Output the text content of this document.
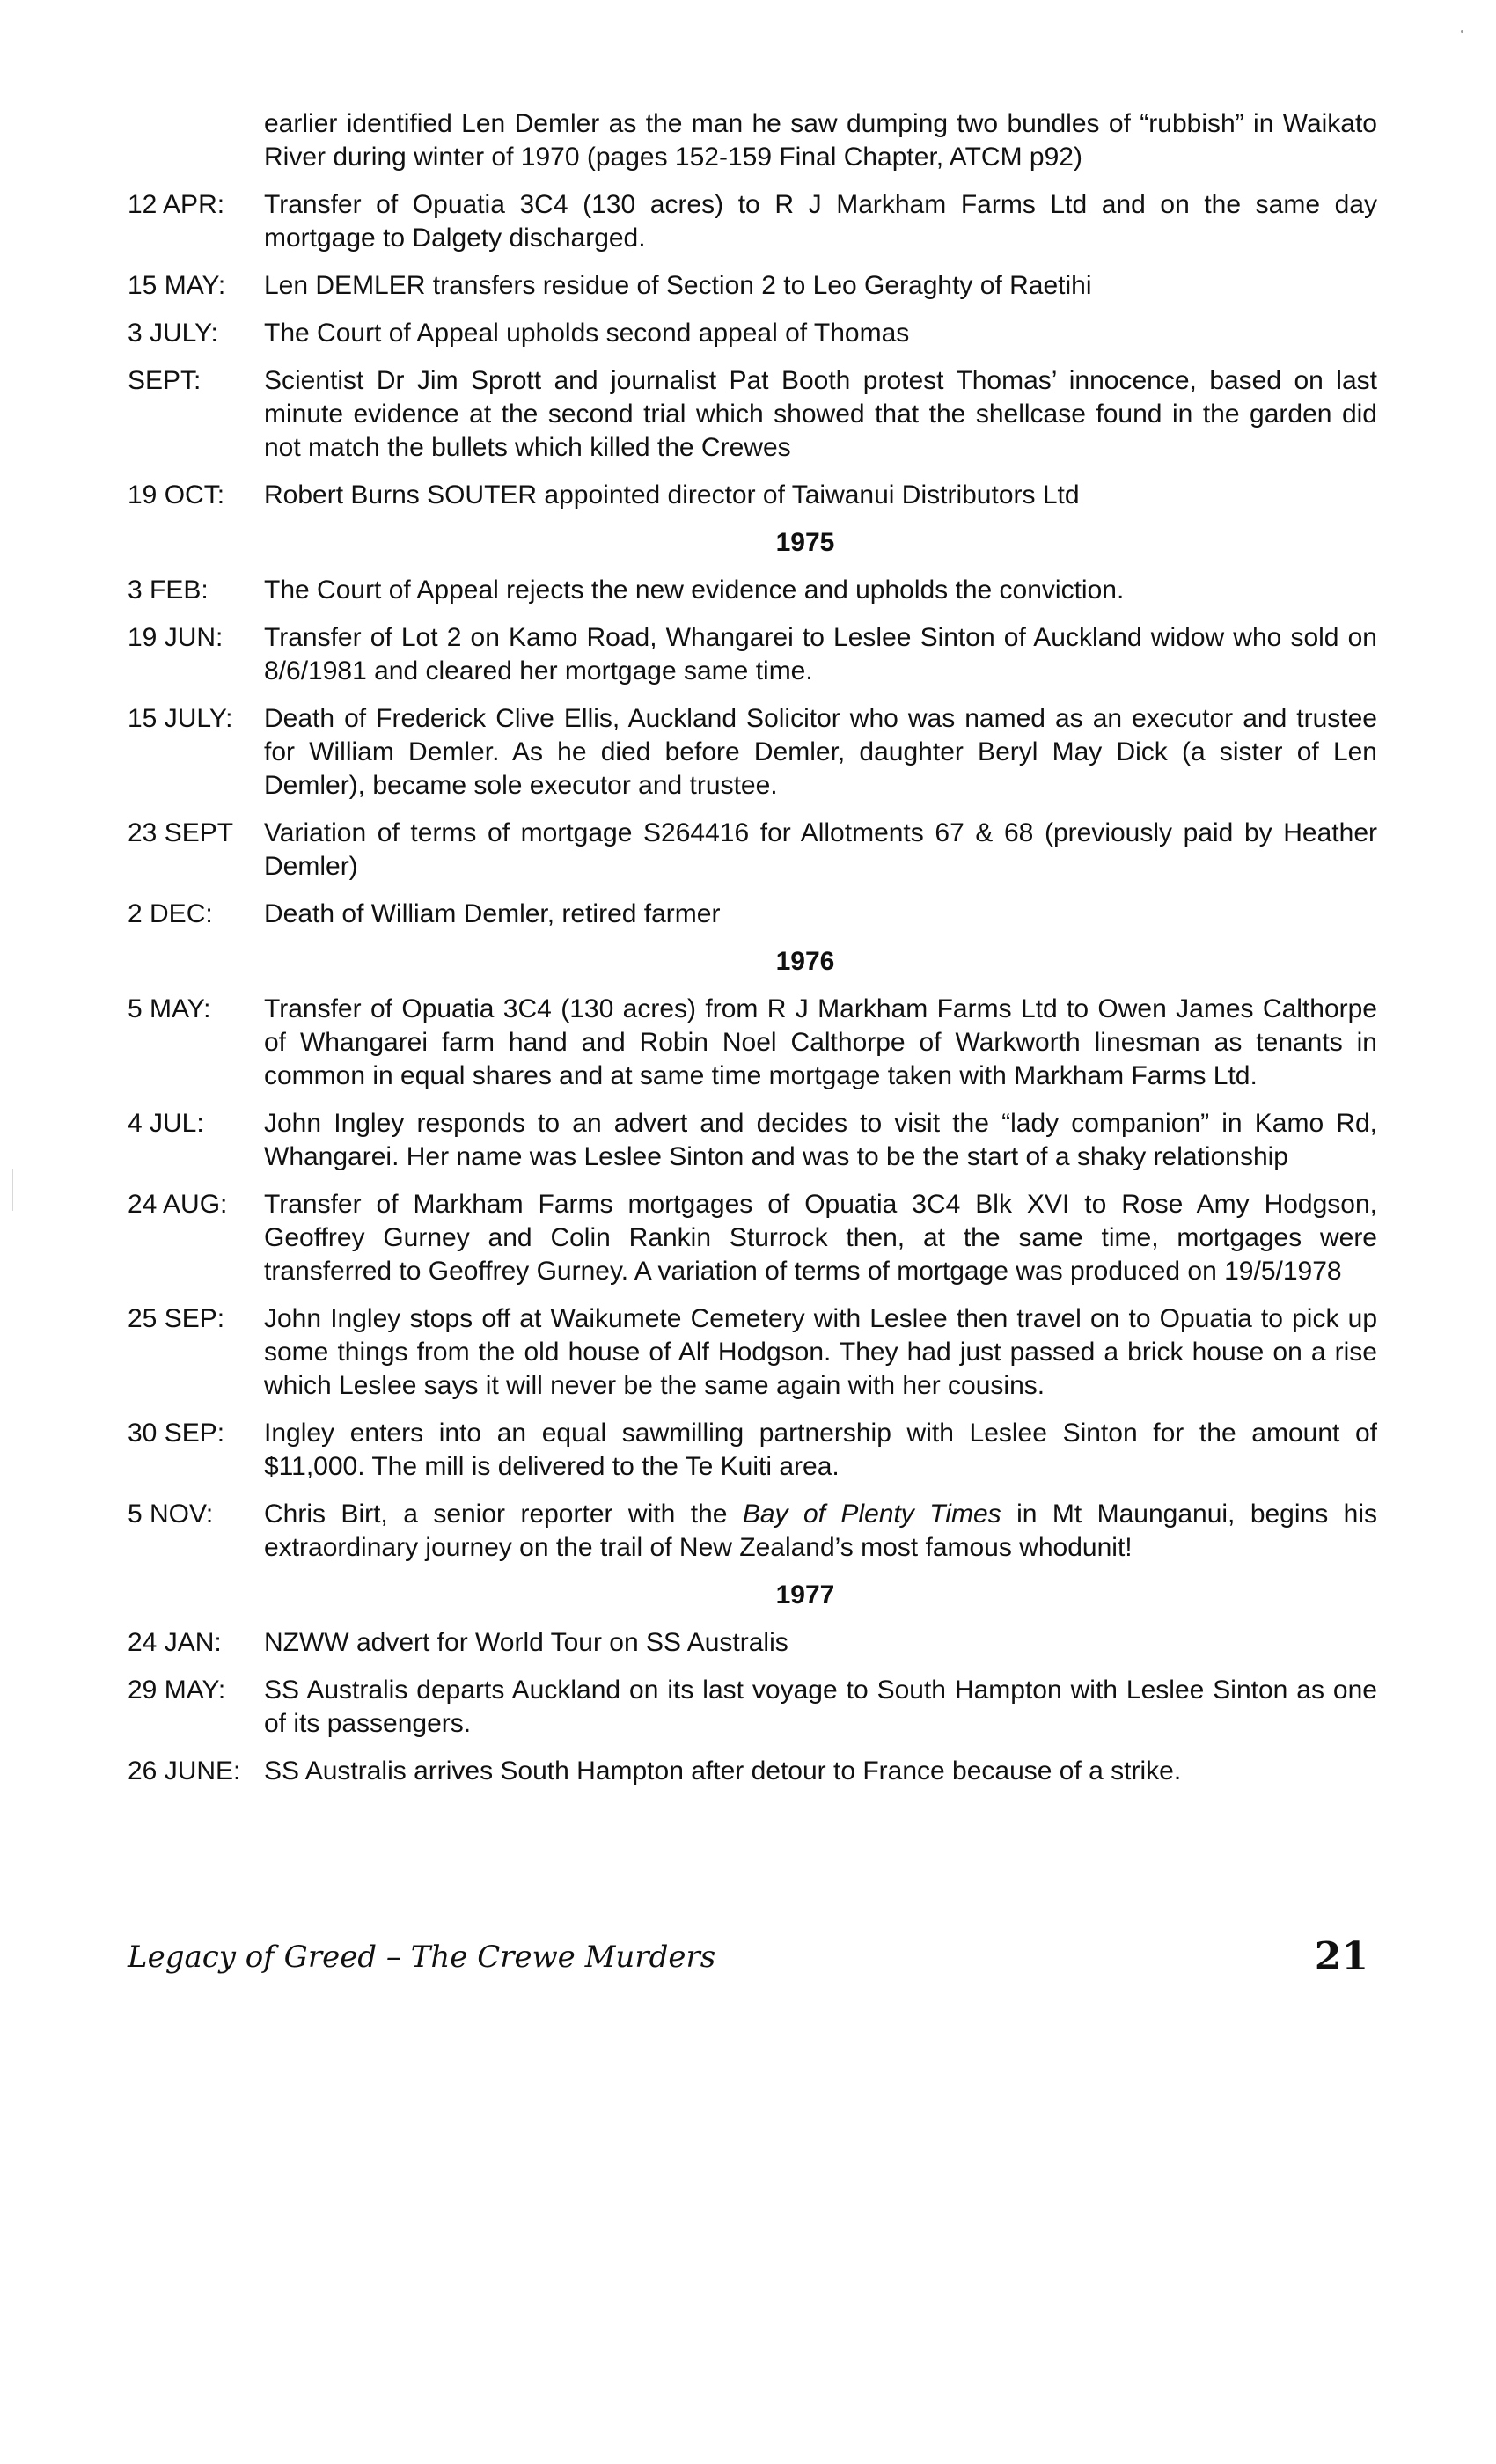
earlier identified Len Demler as the man he saw dumping two bundles of “rubbish” in Waikato River during winter of 1970 (pages 152-159 Final Chapter, ATCM p92)
12 APR:	Transfer of Opuatia 3C4 (130 acres) to R J Markham Farms Ltd and on the same day mortgage to Dalgety discharged.
15 MAY:	Len DEMLER transfers residue of Section 2 to Leo Geraghty of Raetihi
3 JULY:	The Court of Appeal upholds second appeal of Thomas
SEPT:	Scientist Dr Jim Sprott and journalist Pat Booth protest Thomas’ innocence, based on last minute evidence at the second trial which showed that the shellcase found in the garden did not match the bullets which killed the Crewes
19 OCT:	Robert Burns SOUTER appointed director of Taiwanui Distributors Ltd
1975
3 FEB:	The Court of Appeal rejects the new evidence and upholds the conviction.
19 JUN:	Transfer of Lot 2 on Kamo Road, Whangarei to Leslee Sinton of Auckland widow who sold on 8/6/1981 and cleared her mortgage same time.
15 JULY:	Death of Frederick Clive Ellis, Auckland Solicitor who was named as an executor and trustee for William Demler. As he died before Demler, daughter Beryl May Dick (a sister of Len Demler), became sole executor and trustee.
23 SEPT	Variation of terms of mortgage S264416 for Allotments 67 & 68 (previously paid by Heather Demler)
2 DEC:	Death of William Demler, retired farmer
1976
5 MAY:	Transfer of Opuatia 3C4 (130 acres) from R J Markham Farms Ltd to Owen James Calthorpe of Whangarei farm hand and Robin Noel Calthorpe of Warkworth linesman as tenants in common in equal shares and at same time mortgage taken with Markham Farms Ltd.
4 JUL:	John Ingley responds to an advert and decides to visit the “lady companion” in Kamo Rd, Whangarei. Her name was Leslee Sinton and was to be the start of a shaky relationship
24 AUG:	Transfer of Markham Farms mortgages of Opuatia 3C4 Blk XVI to Rose Amy Hodgson, Geoffrey Gurney and Colin Rankin Sturrock then, at the same time, mortgages were transferred to Geoffrey Gurney. A variation of terms of mortgage was produced on 19/5/1978
25 SEP:	John Ingley stops off at Waikumete Cemetery with Leslee then travel on to Opuatia to pick up some things from the old house of Alf Hodgson. They had just passed a brick house on a rise which Leslee says it will never be the same again with her cousins.
30 SEP:	Ingley enters into an equal sawmilling partnership with Leslee Sinton for the amount of $11,000. The mill is delivered to the Te Kuiti area.
5 NOV:	Chris Birt, a senior reporter with the Bay of Plenty Times in Mt Maunganui, begins his extraordinary journey on the trail of New Zealand’s most famous whodunit!
1977
24 JAN:	NZWW advert for World Tour on SS Australis
29 MAY:	SS Australis departs Auckland on its last voyage to South Hampton with Leslee Sinton as one of its passengers.
26 JUNE: SS Australis arrives South Hampton after detour to France because of a strike.
Legacy of Greed – The Crewe Murders	21
